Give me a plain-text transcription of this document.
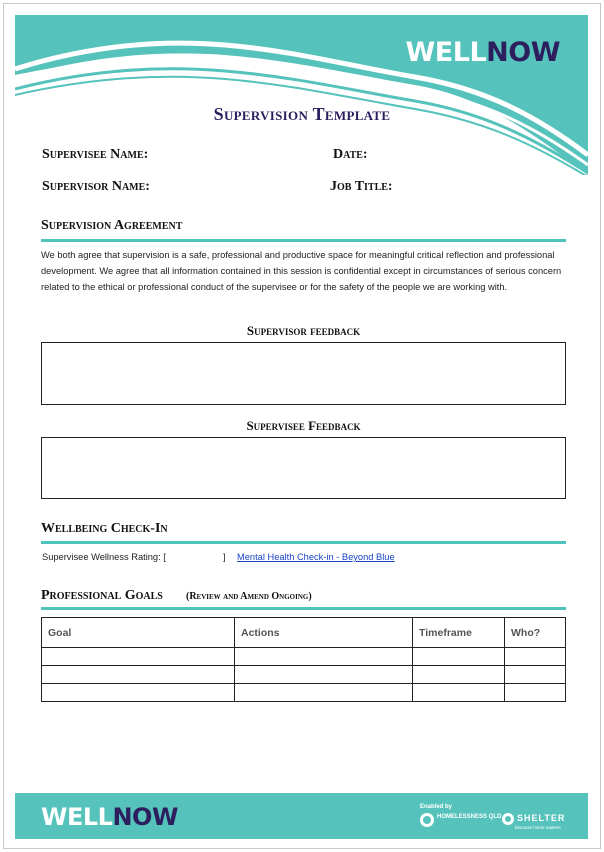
WELLNOW
Supervision Template
Supervisee Name:	Date:
Supervisor Name:	Job Title:
Supervision Agreement
We both agree that supervision is a safe, professional and productive space for meaningful critical reflection and professional development. We agree that all information contained in this session is confidential except in circumstances of serious concern related to the ethical or professional conduct of the supervisee or for the safety of the people we are working with.
Supervisor feedback
Supervisee Feedback
Wellbeing Check-In
Supervisee Wellness Rating: [	] Mental Health Check-in - Beyond Blue
Professional Goals	(Review and Amend Ongoing)
Goal	Actions	Timeframe	Who?

WELLNOW	Enabled by
HOMELESSNESS QLD	SHELTER
because home matters
